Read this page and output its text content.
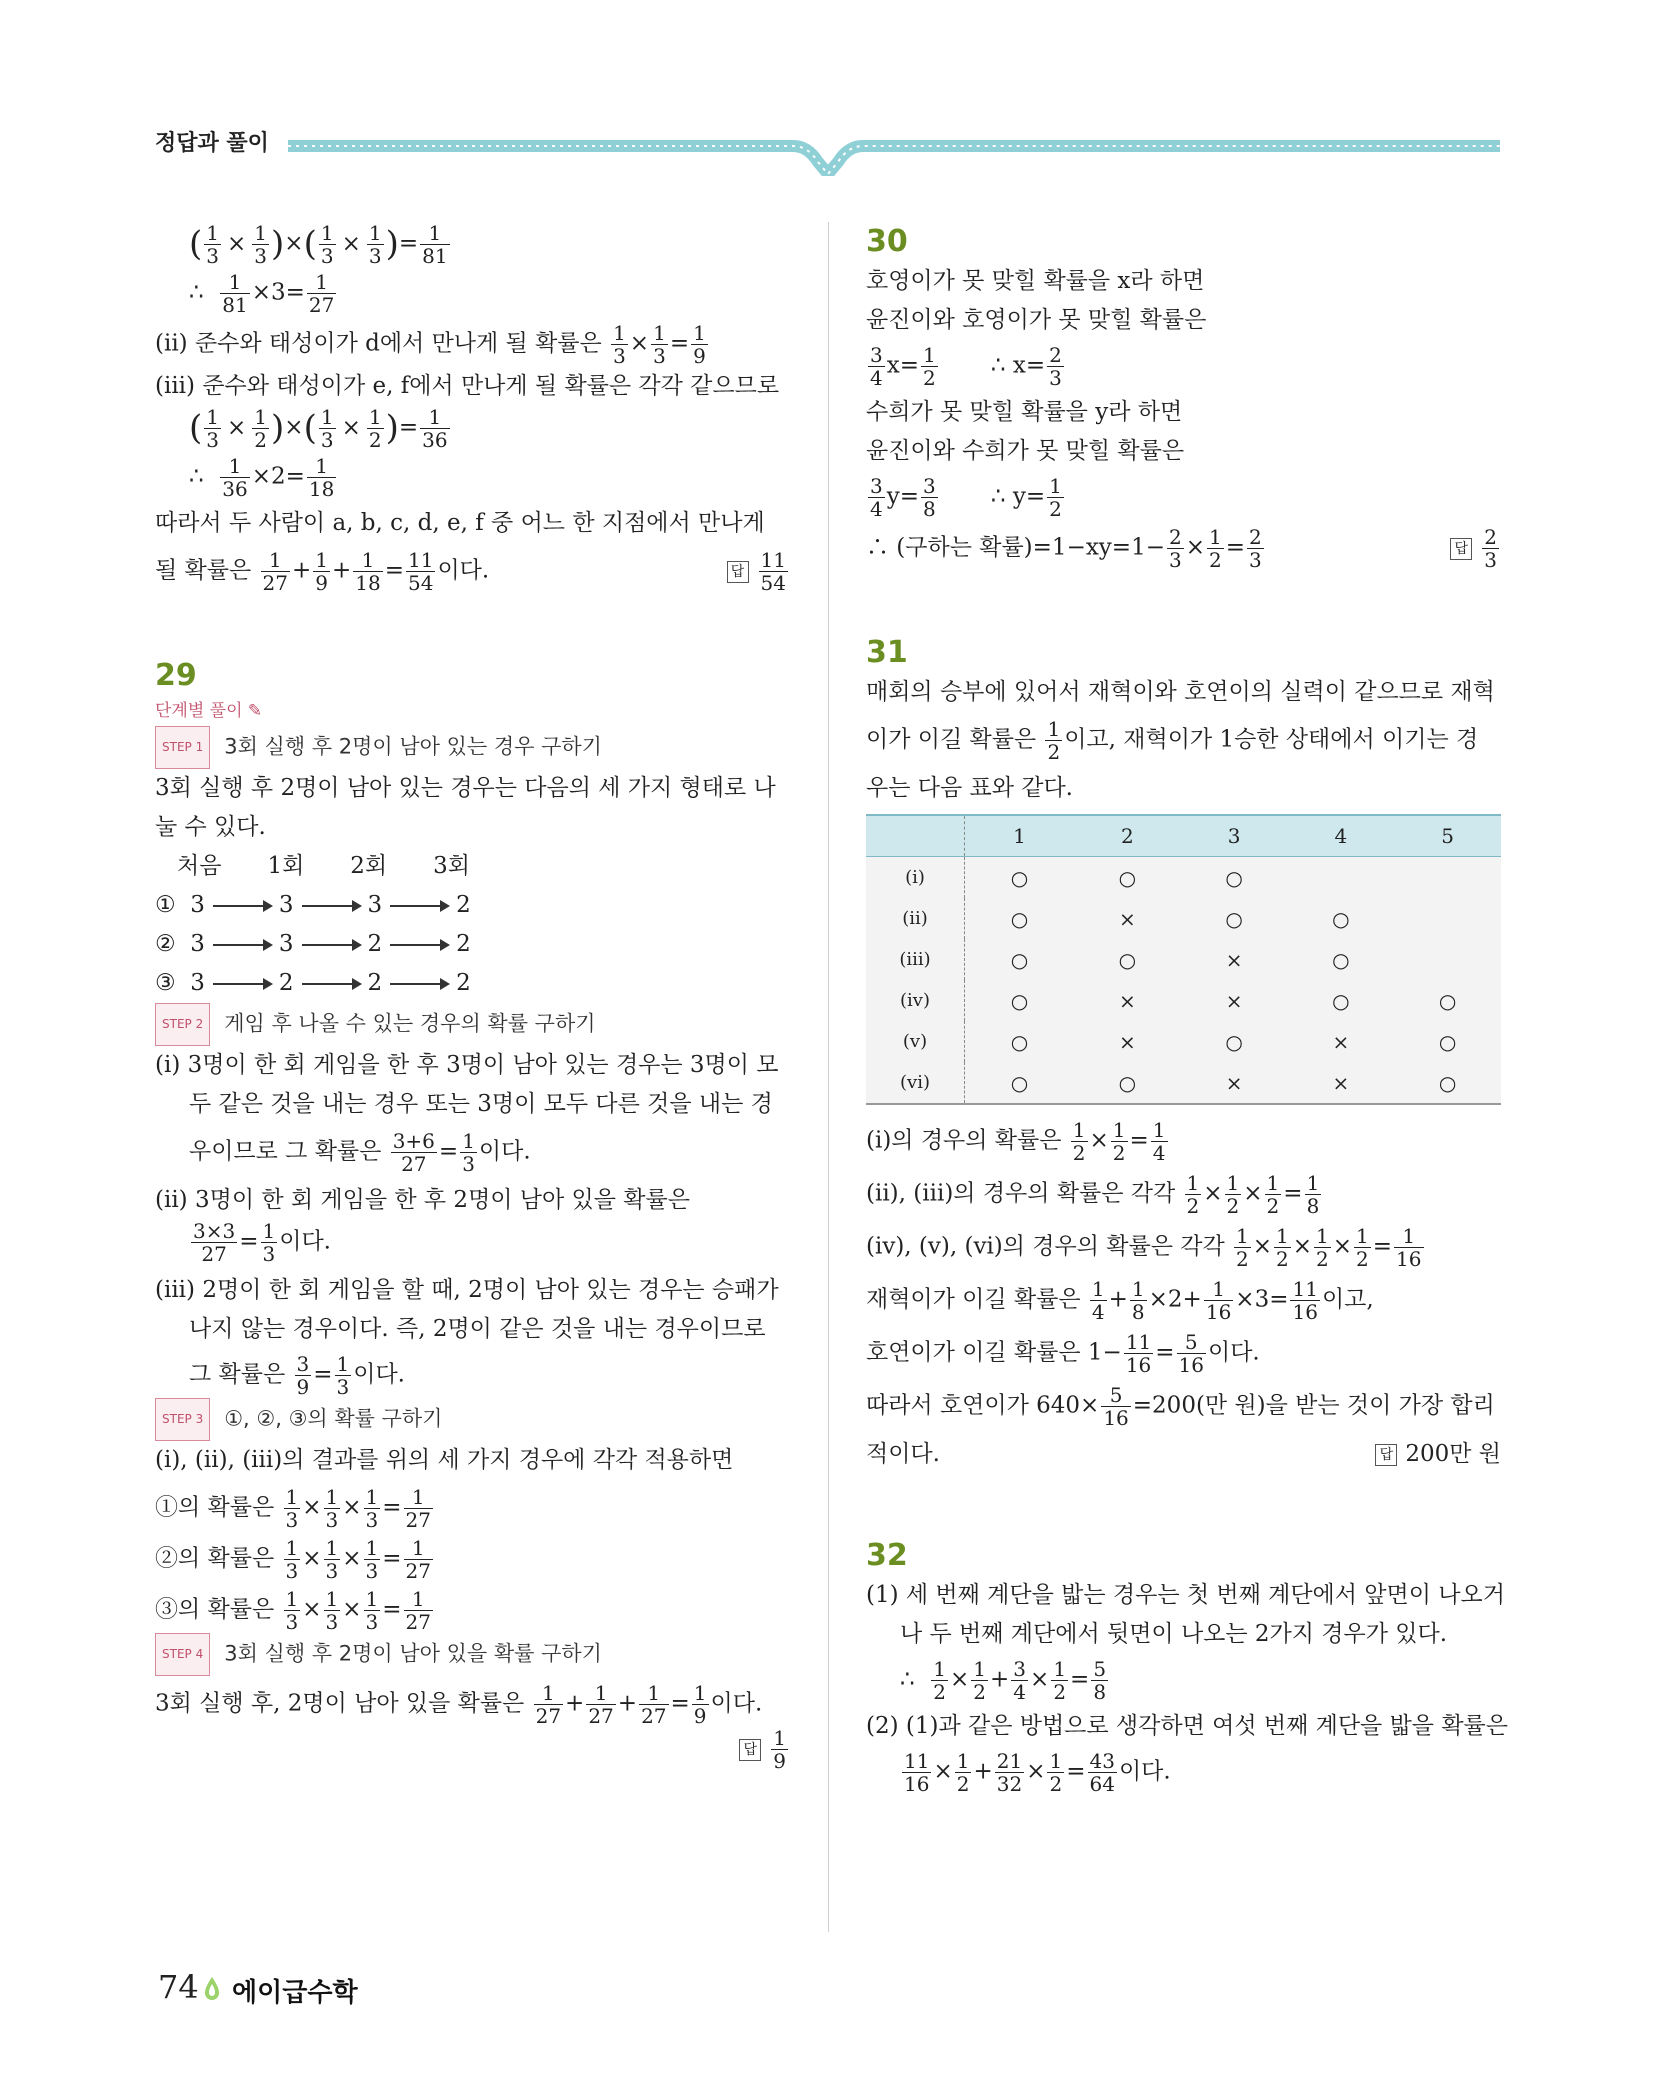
정답과 풀이
( $\frac{1}{3} \times \frac{1}{3}$ )×( $\frac{1}{3} \times \frac{1}{3}$ )= $\frac{1}{81}$
∴ $\frac{1}{81} \times 3= \frac{1}{27}$
(ii) 준수와 태성이가 d에서 만나게 될 확률은 $\frac{1}{3} \times \frac{1}{3} = \frac{1}{9}$
(iii) 준수와 태성이가 e, f에서 만나게 될 확률은 각각 같으므로
( $\frac{1}{3} \times \frac{1}{2}$ )×( $\frac{1}{3} \times \frac{1}{2}$ )= $\frac{1}{36}$
∴ $\frac{1}{36} \times 2= \frac{1}{18}$
따라서 두 사람이 a, b, c, d, e, f 중 어느 한 지점에서 만나게
될 확률은 $\frac{1}{27} + \frac{1}{9} + \frac{1}{18} = \frac{11}{54}$ 이다.	답 $\frac{11}{54}$
29
단계별 풀이 ✎
STEP 1 3회 실행 후 2명이 남아 있는 경우 구하기
3회 실행 후 2명이 남아 있는 경우는 다음의 세 가지 형태로 나
눌 수 있다.
처음 1회 2회 3회
① 3	3	3	2
② 3	3	2	2
③ 3	2	2	2
STEP 2 게임 후 나올 수 있는 경우의 확률 구하기
(i) 3명이 한 회 게임을 한 후 3명이 남아 있는 경우는 3명이 모
두 같은 것을 내는 경우 또는 3명이 모두 다른 것을 내는 경
우이므로 그 확률은 $\frac{3+6}{27} = \frac{1}{3}$ 이다.
(ii) 3명이 한 회 게임을 한 후 2명이 남아 있을 확률은
$\frac{3\times 3}{27} = \frac{1}{3}$ 이다.
(iii) 2명이 한 회 게임을 할 때, 2명이 남아 있는 경우는 승패가
나지 않는 경우이다. 즉, 2명이 같은 것을 내는 경우이므로
그 확률은 $\frac{3}{9} = \frac{1}{3}$ 이다.
STEP 3 ①, ②, ③의 확률 구하기
(i), (ii), (iii)의 결과를 위의 세 가지 경우에 각각 적용하면
①의 확률은 $\frac{1}{3} \times \frac{1}{3} \times \frac{1}{3} = \frac{1}{27}$
②의 확률은 $\frac{1}{3} \times \frac{1}{3} \times \frac{1}{3} = \frac{1}{27}$
③의 확률은 $\frac{1}{3} \times \frac{1}{3} \times \frac{1}{3} = \frac{1}{27}$
STEP 4 3회 실행 후 2명이 남아 있을 확률 구하기
3회 실행 후, 2명이 남아 있을 확률은 $\frac{1}{27} + \frac{1}{27} + \frac{1}{27} = \frac{1}{9}$ 이다.
답 $\frac{1}{9}$
30
호영이가 못 맞힐 확률을 x라 하면
윤진이와 호영이가 못 맞힐 확률은
$\frac{3}{4} x= \frac{1}{2}$ ∴ $x= \frac{2}{3}$
수희가 못 맞힐 확률을 y라 하면
윤진이와 수희가 못 맞힐 확률은
$\frac{3}{4} y= \frac{3}{8}$ ∴ $y= \frac{1}{2}$
∴ (구하는 확률)$=1-xy=1- \frac{2}{3} \times \frac{1}{2} = \frac{2}{3}$	답 $\frac{2}{3}$
31
매회의 승부에 있어서 재혁이와 호연이의 실력이 같으므로 재혁
이가 이길 확률은 $\frac{1}{2}$ 이고, 재혁이가 1승한 상태에서 이기는 경
우는 다음 표와 같다.
	1	2	3	4	5
(i)	○	○	○		
(ii)	○	×	○	○	
(iii)	○	○	×	○	
(iv)	○	×	×	○	○
(v)	○	×	○	×	○
(vi)	○	○	×	×	○
(i)의 경우의 확률은 $\frac{1}{2} \times \frac{1}{2} = \frac{1}{4}$
(ii), (iii)의 경우의 확률은 각각 $\frac{1}{2} \times \frac{1}{2} \times \frac{1}{2} = \frac{1}{8}$
(iv), (v), (vi)의 경우의 확률은 각각 $\frac{1}{2} \times \frac{1}{2} \times \frac{1}{2} \times \frac{1}{2} = \frac{1}{16}$
재혁이가 이길 확률은 $\frac{1}{4} + \frac{1}{8} \times 2+ \frac{1}{16} \times 3= \frac{11}{16}$ 이고,
호연이가 이길 확률은 $1- \frac{11}{16} = \frac{5}{16}$ 이다.
따라서 호연이가 $640\times \frac{5}{16} =200$(만 원)을 받는 것이 가장 합리
적이다.	답 200만 원
32
(1) 세 번째 계단을 밟는 경우는 첫 번째 계단에서 앞면이 나오거
나 두 번째 계단에서 뒷면이 나오는 2가지 경우가 있다.
∴ $\frac{1}{2} \times \frac{1}{2} + \frac{3}{4} \times \frac{1}{2} = \frac{5}{8}$
(2) (1)과 같은 방법으로 생각하면 여섯 번째 계단을 밟을 확률은
$\frac{11}{16} \times \frac{1}{2} + \frac{21}{32} \times \frac{1}{2} = \frac{43}{64}$ 이다.
74 에이급수학
